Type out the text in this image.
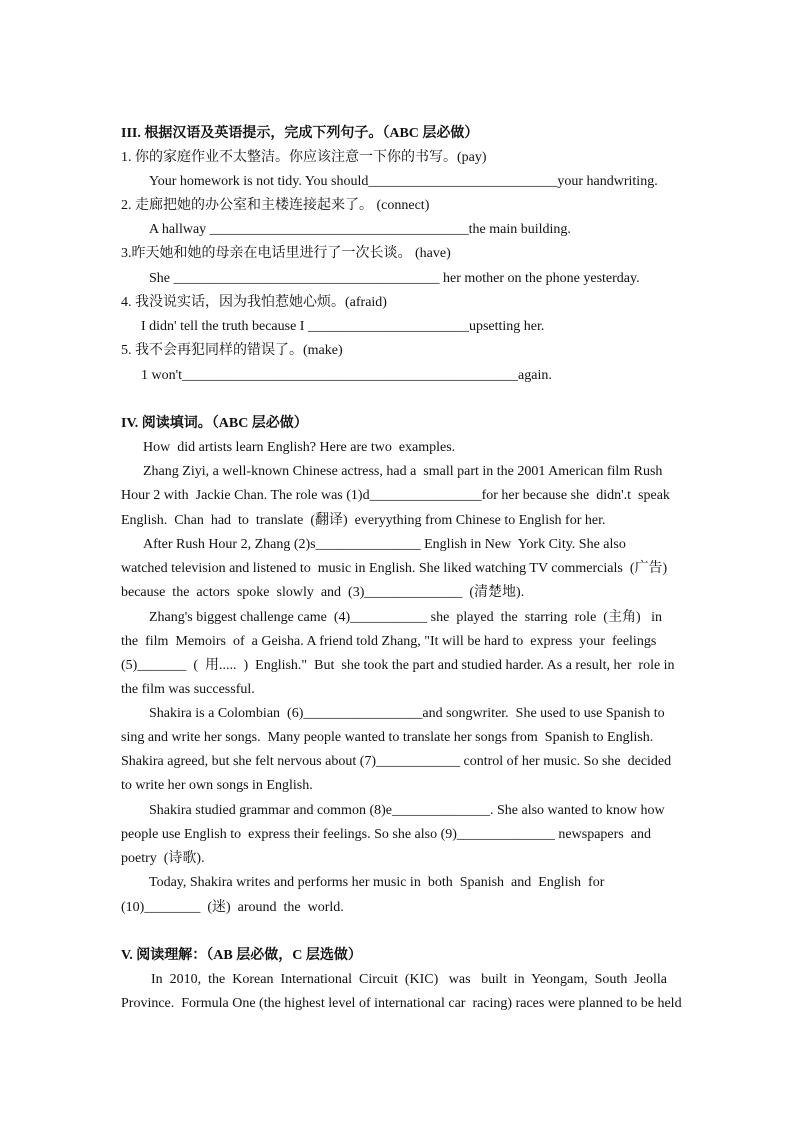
III. 根据汉语及英语提示，完成下列句子。（ABC 层必做）

1. 你的家庭作业不太整洁。你应该注意一下你的书写。(pay)

Your homework is not tidy. You should___________________________your handwriting.

2. 走廊把她的办公室和主楼连接起来了。 (connect)

A hallway _____________________________________the main building.

3.昨天她和她的母亲在电话里进行了一次长谈。 (have)

She ______________________________________ her mother on the phone yesterday.

4. 我没说实话，因为我怕惹她心烦。(afraid)

I didn' tell the truth because I _______________________upsetting her.

5. 我不会再犯同样的错误了。(make)

1 won't________________________________________________again.

IV. 阅读填词。（ABC 层必做）

How  did artists learn English? Here are two  examples.

Zhang Ziyi, a well-known Chinese actress, had a  small part in the 2001 American film Rush

Hour 2 with  Jackie Chan. The role was (1)d________________for her because she  didn'.t  speak

English.  Chan  had  to  translate  (翻译)  everyything from Chinese to English for her.

After Rush Hour 2, Zhang (2)s_______________ English in New  York City. She also

watched television and listened to  music in English. She liked watching TV commercials  (广告)

because  the  actors  spoke  slowly  and  (3)______________  (清楚地).

Zhang's biggest challenge came  (4)___________ she  played  the  starring  role  (主角)   in

the  film  Memoirs  of  a Geisha. A friend told Zhang, "It will be hard to  express  your  feelings

(5)_______  (  用.....  )  English."  But  she took the part and studied harder. As a result, her  role in

the film was successful.

Shakira is a Colombian  (6)_________________and songwriter.  She used to use Spanish to

sing and write her songs.  Many people wanted to translate her songs from  Spanish to English.

Shakira agreed, but she felt nervous about (7)____________ control of her music. So she  decided

to write her own songs in English.

Shakira studied grammar and common (8)e______________. She also wanted to know how

people use English to  express their feelings. So she also (9)______________ newspapers  and

poetry  (诗歌).

Today, Shakira writes and performs her music in  both  Spanish  and  English  for

(10)________  (迷)  around  the  world.

V. 阅读理解：（AB 层必做，C 层选做）

In  2010,  the  Korean  International  Circuit  (KIC)   was   built  in  Yeongam,  South  Jeolla

Province.  Formula One (the highest level of international car  racing) races were planned to be held
